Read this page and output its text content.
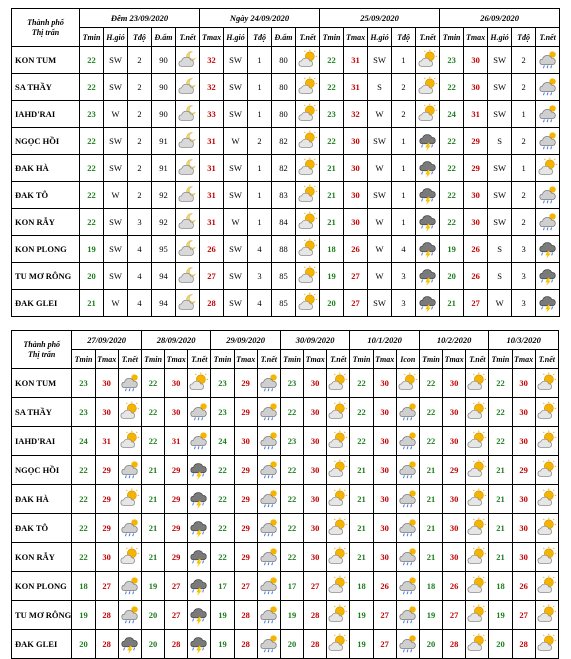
Thành phố
Thị trấn	Đêm 23/09/2020					Ngày 24/09/2020					25/09/2020					26/09/2020				
	Tmin	H.gió	Tđộ	Đ.ẩm	T.nết	Tmax	H.gió	Tđộ	Đ.ẩm	T.nết	Tmin	Tmax	H.gió	Tđộ	T.nết	Tmin	Tmax	H.gió	Tđộ	T.nết
KON TUM	22	SW	2	90		32	SW	1	80		22	31	SW	1		23	30	SW	2	

SA THẦY	22	SW	2	90		32	SW	1	80		22	31	S	2		22	30	SW	2	

IAHD'RAI	23	W	2	90		33	SW	1	80		23	32	W	2		24	31	SW	1	

NGỌC HỒI	22	SW	2	91		31	W	2	82		22	30	SW	1		22	29	S	2	

ĐAK HÀ	22	SW	2	91		31	SW	1	82		21	30	W	1		22	29	SW	1	

ĐAK TÔ	22	W	2	92		31	SW	1	83		21	30	SW	1		22	30	SW	2	

KON RẪY	22	SW	3	92		31	W	1	84		21	30	W	1		22	30	SW	2	

KON PLONG	19	SW	4	95		26	SW	4	88		18	26	W	4		19	26	S	3	

TU MƠ RÔNG	20	SW	4	94		27	SW	3	85		19	27	W	3		20	26	S	3	

ĐAK GLEI	21	W	4	94		28	SW	4	85		20	27	SW	3		21	27	W	3	
Thành phố
Thị trấn	27/09/2020			28/09/2020			29/09/2020			30/09/2020			10/1/2020			10/2/2020			10/3/2020		
	Tmin	Tmax	T.nết	Tmin	Tmax	T.nết	Tmin	Tmax	T.nết	Tmin	Tmax	T.nết	Tmin	Tmax	Icon	Tmin	Tmax	T.nết	Tmin	Tmax	T.nết
KON TUM	23	30		22	30		23	29		23	30		22	30		22	30		22	30	

SA THẦY	23	30		22	30		23	29		22	30		22	30		22	30		22	30	

IAHD'RAI	24	31		22	31		24	30		23	30		22	30		22	30		22	30	

NGỌC HỒI	22	29		21	29		22	29		22	30		21	30		21	29		21	29	

ĐAK HÀ	22	29		21	29		22	29		22	30		21	30		21	30		21	30	

ĐAK TÔ	22	29		21	29		22	29		22	30		21	30		21	30		21	30	

KON RẪY	22	30		21	29		22	29		22	30		21	30		21	30		21	30	

KON PLONG	18	27		19	27		17	27		17	27		18	26		18	26		18	26	

TU MƠ RÔNG	19	28		20	27		19	28		19	28		19	27		19	27		19	27	

ĐAK GLEI	20	28		20	28		19	28		20	28		19	27		20	28		20	28	
